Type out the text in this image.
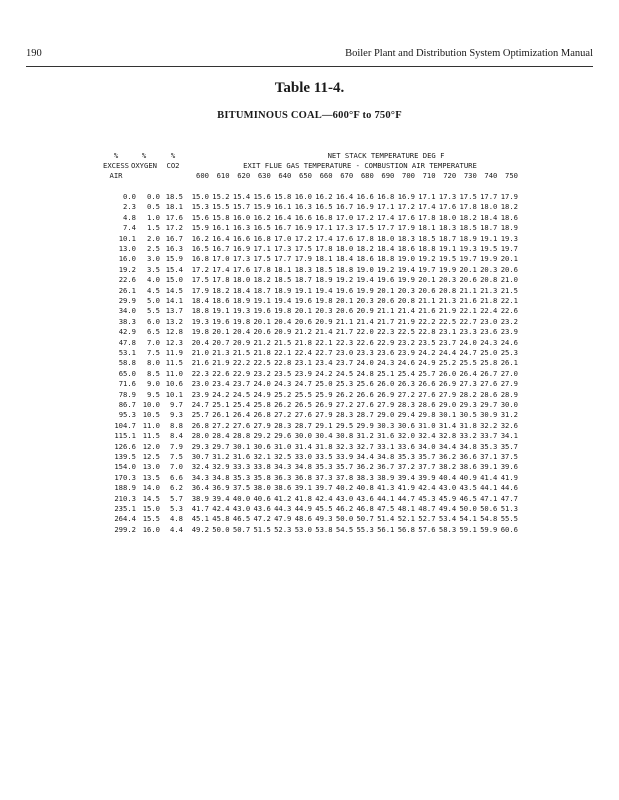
190	Boiler Plant and Distribution System Optimization Manual
Table 11-4.
BITUMINOUS COAL—600°F to 750°F
%	%	%	NET STACK TEMPERATURE DEG F
EXCESS OXYGEN	CO2	EXIT FLUE GAS TEMPERATURE - COMBUSTION AIR TEMPERATURE
AIR	600	610	620	630	640	650	660	670	680	690	700	710	720	730	740	750
0.0	0.0 18.5 15.0 15.2 15.4 15.6 15.8 16.0 16.2 16.4 16.6 16.8 16.9 17.1 17.3 17.5 17.7 17.9
2.3	0.5 18.1 15.3 15.5 15.7 15.9 16.1 16.3 16.5 16.7 16.9 17.1 17.2 17.4 17.6 17.8 18.0 18.2
4.8	1.0 17.6 15.6 15.8 16.0 16.2 16.4 16.6 16.8 17.0 17.2 17.4 17.6 17.8 18.0 18.2 18.4 18.6
7.4	1.5 17.2 15.9 16.1 16.3 16.5 16.7 16.9 17.1 17.3 17.5 17.7 17.9 18.1 18.3 18.5 18.7 18.9
10.1	2.0 16.7 16.2 16.4 16.6 16.8 17.0 17.2 17.4 17.6 17.8 18.0 18.3 18.5 18.7 18.9 19.1 19.3
13.0	2.5 16.3 16.5 16.7 16.9 17.1 17.3 17.5 17.8 18.0 18.2 18.4 18.6 18.8 19.1 19.3 19.5 19.7
16.0	3.0 15.9 16.8 17.0 17.3 17.5 17.7 17.9 18.1 18.4 18.6 18.8 19.0 19.2 19.5 19.7 19.9 20.1
19.2	3.5 15.4 17.2 17.4 17.6 17.8 18.1 18.3 18.5 18.8 19.0 19.2 19.4 19.7 19.9 20.1 20.3 20.6
22.6	4.0 15.0 17.5 17.8 18.0 18.2 18.5 18.7 18.9 19.2 19.4 19.6 19.9 20.1 20.3 20.6 20.8 21.0
26.1	4.5 14.5 17.9 18.2 18.4 18.7 18.9 19.1 19.4 19.6 19.9 20.1 20.3 20.6 20.8 21.1 21.3 21.5
29.9	5.0 14.1 18.4 18.6 18.9 19.1 19.4 19.6 19.8 20.1 20.3 20.6 20.8 21.1 21.3 21.6 21.8 22.1
34.0	5.5 13.7 18.8 19.1 19.3 19.6 19.8 20.1 20.3 20.6 20.9 21.1 21.4 21.6 21.9 22.1 22.4 22.6
38.3	6.0 13.2 19.3 19.6 19.8 20.1 20.4 20.6 20.9 21.1 21.4 21.7 21.9 22.2 22.5 22.7 23.0 23.2
42.9	6.5 12.8 19.8 20.1 20.4 20.6 20.9 21.2 21.4 21.7 22.0 22.3 22.5 22.8 23.1 23.3 23.6 23.9
47.8	7.0 12.3 20.4 20.7 20.9 21.2 21.5 21.8 22.1 22.3 22.6 22.9 23.2 23.5 23.7 24.0 24.3 24.6
53.1	7.5 11.9 21.0 21.3 21.5 21.8 22.1 22.4 22.7 23.0 23.3 23.6 23.9 24.2 24.4 24.7 25.0 25.3
58.8	8.0 11.5 21.6 21.9 22.2 22.5 22.8 23.1 23.4 23.7 24.0 24.3 24.6 24.9 25.2 25.5 25.8 26.1
65.0	8.5 11.0 22.3 22.6 22.9 23.2 23.5 23.9 24.2 24.5 24.8 25.1 25.4 25.7 26.0 26.4 26.7 27.0
71.6	9.0 10.6 23.0 23.4 23.7 24.0 24.3 24.7 25.0 25.3 25.6 26.0 26.3 26.6 26.9 27.3 27.6 27.9
78.9	9.5 10.1 23.9 24.2 24.5 24.9 25.2 25.5 25.9 26.2 26.6 26.9 27.2 27.6 27.9 28.2 28.6 28.9
86.7 10.0	9.7 24.7 25.1 25.4 25.8 26.2 26.5 26.9 27.2 27.6 27.9 28.3 28.6 29.0 29.3 29.7 30.0
95.3 10.5	9.3 25.7 26.1 26.4 26.8 27.2 27.6 27.9 28.3 28.7 29.0 29.4 29.8 30.1 30.5 30.9 31.2
104.7 11.0	8.8 26.8 27.2 27.6 27.9 28.3 28.7 29.1 29.5 29.9 30.3 30.6 31.0 31.4 31.8 32.2 32.6
115.1 11.5	8.4 28.0 28.4 28.8 29.2 29.6 30.0 30.4 30.8 31.2 31.6 32.0 32.4 32.8 33.2 33.7 34.1
126.6 12.0	7.9 29.3 29.7 30.1 30.6 31.0 31.4 31.8 32.3 32.7 33.1 33.6 34.0 34.4 34.8 35.3 35.7
139.5 12.5	7.5 30.7 31.2 31.6 32.1 32.5 33.0 33.5 33.9 34.4 34.8 35.3 35.7 36.2 36.6 37.1 37.5
154.0 13.0	7.0 32.4 32.9 33.3 33.8 34.3 34.8 35.3 35.7 36.2 36.7 37.2 37.7 38.2 38.6 39.1 39.6
170.3 13.5	6.6 34.3 34.8 35.3 35.8 36.3 36.8 37.3 37.8 38.3 38.9 39.4 39.9 40.4 40.9 41.4 41.9
188.9 14.0	6.2 36.4 36.9 37.5 38.0 38.6 39.1 39.7 40.2 40.8 41.3 41.9 42.4 43.0 43.5 44.1 44.6
210.3 14.5	5.7 38.9 39.4 40.0 40.6 41.2 41.8 42.4 43.0 43.6 44.1 44.7 45.3 45.9 46.5 47.1 47.7
235.1 15.0	5.3 41.7 42.4 43.0 43.6 44.3 44.9 45.5 46.2 46.8 47.5 48.1 48.7 49.4 50.0 50.6 51.3
264.4 15.5	4.8 45.1 45.8 46.5 47.2 47.9 48.6 49.3 50.0 50.7 51.4 52.1 52.7 53.4 54.1 54.8 55.5
299.2 16.0	4.4 49.2 50.0 50.7 51.5 52.3 53.0 53.8 54.5 55.3 56.1 56.8 57.6 58.3 59.1 59.9 60.6
